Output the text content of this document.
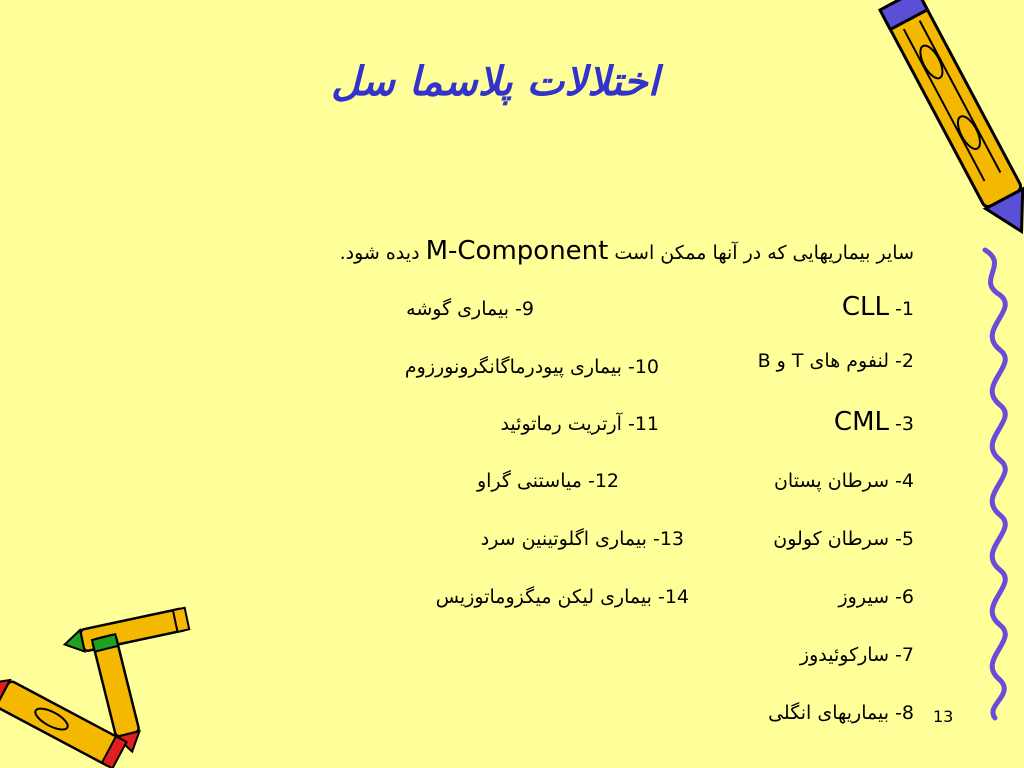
اختلالات پلاسما سل
سایر بیماریهایی که در آنها ممکن است M-Component دیده شود.
1- CLL
2- لنفوم های T و B
3- CML
4- سرطان پستان
5- سرطان کولون
6- سیروز
7- سارکوئیدوز
8- بیماریهای انگلی
9- بیماری گوشه
10- بیماری پیودرماگانگرونورزوم
11- آرتریت رماتوئید
12- میاستنی گراو
13- بیماری اگلوتینین سرد
14- بیماری لیکن میگزوماتوزیس
13
